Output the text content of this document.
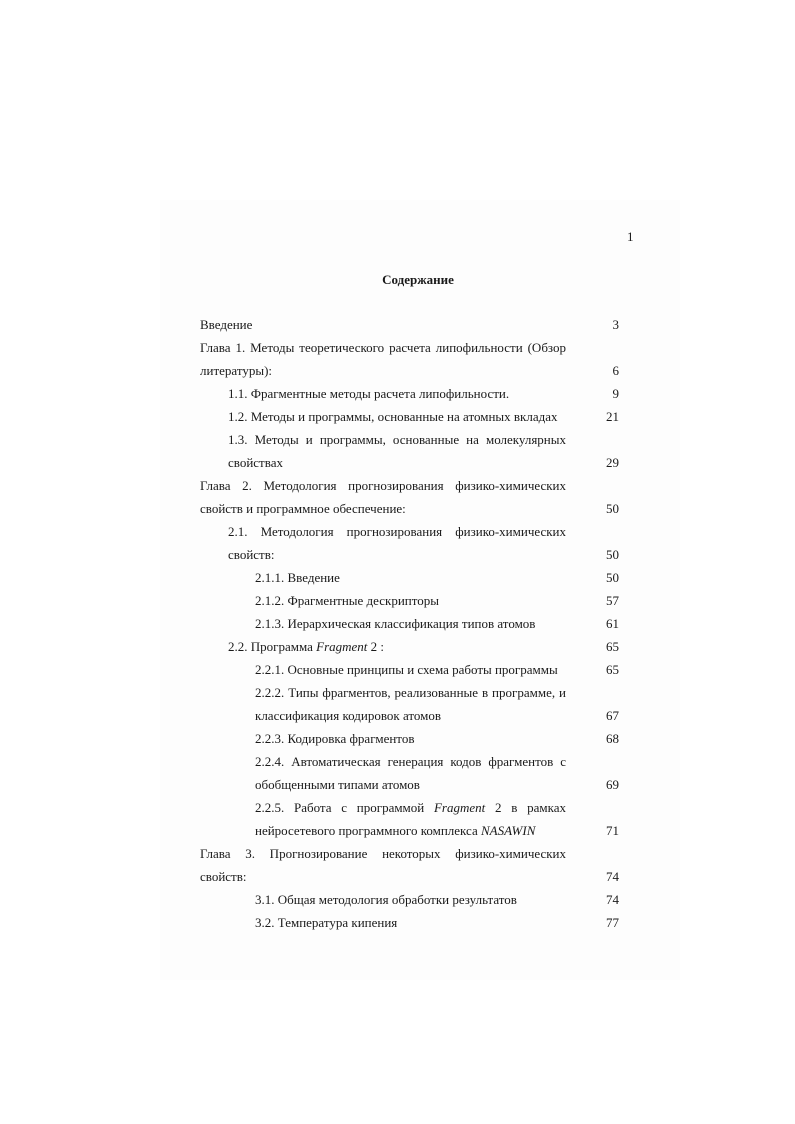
1
Содержание
Введение	3
Глава 1. Методы теоретического расчета липофильности (Обзор
литературы):	6
1.1. Фрагментные методы расчета липофильности.	9
1.2. Методы и программы, основанные на атомных вкладах	21
1.3. Методы и программы, основанные на молекулярных
свойствах	29
Глава 2. Методология прогнозирования физико-химических
свойств и программное обеспечение:	50
2.1. Методология прогнозирования физико-химических
свойств:	50
2.1.1. Введение	50
2.1.2. Фрагментные дескрипторы	57
2.1.3. Иерархическая классификация типов атомов	61
2.2. Программа Fragment 2 :	65
2.2.1. Основные принципы и схема работы программы	65
2.2.2. Типы фрагментов, реализованные в программе, и
классификация кодировок атомов	67
2.2.3. Кодировка фрагментов	68
2.2.4. Автоматическая генерация кодов фрагментов с
обобщенными типами атомов	69
2.2.5. Работа с программой Fragment 2 в рамках
нейросетевого программного комплекса NASAWIN	71
Глава 3. Прогнозирование некоторых физико-химических
свойств:	74
3.1. Общая методология обработки результатов	74
3.2. Температура кипения	77
